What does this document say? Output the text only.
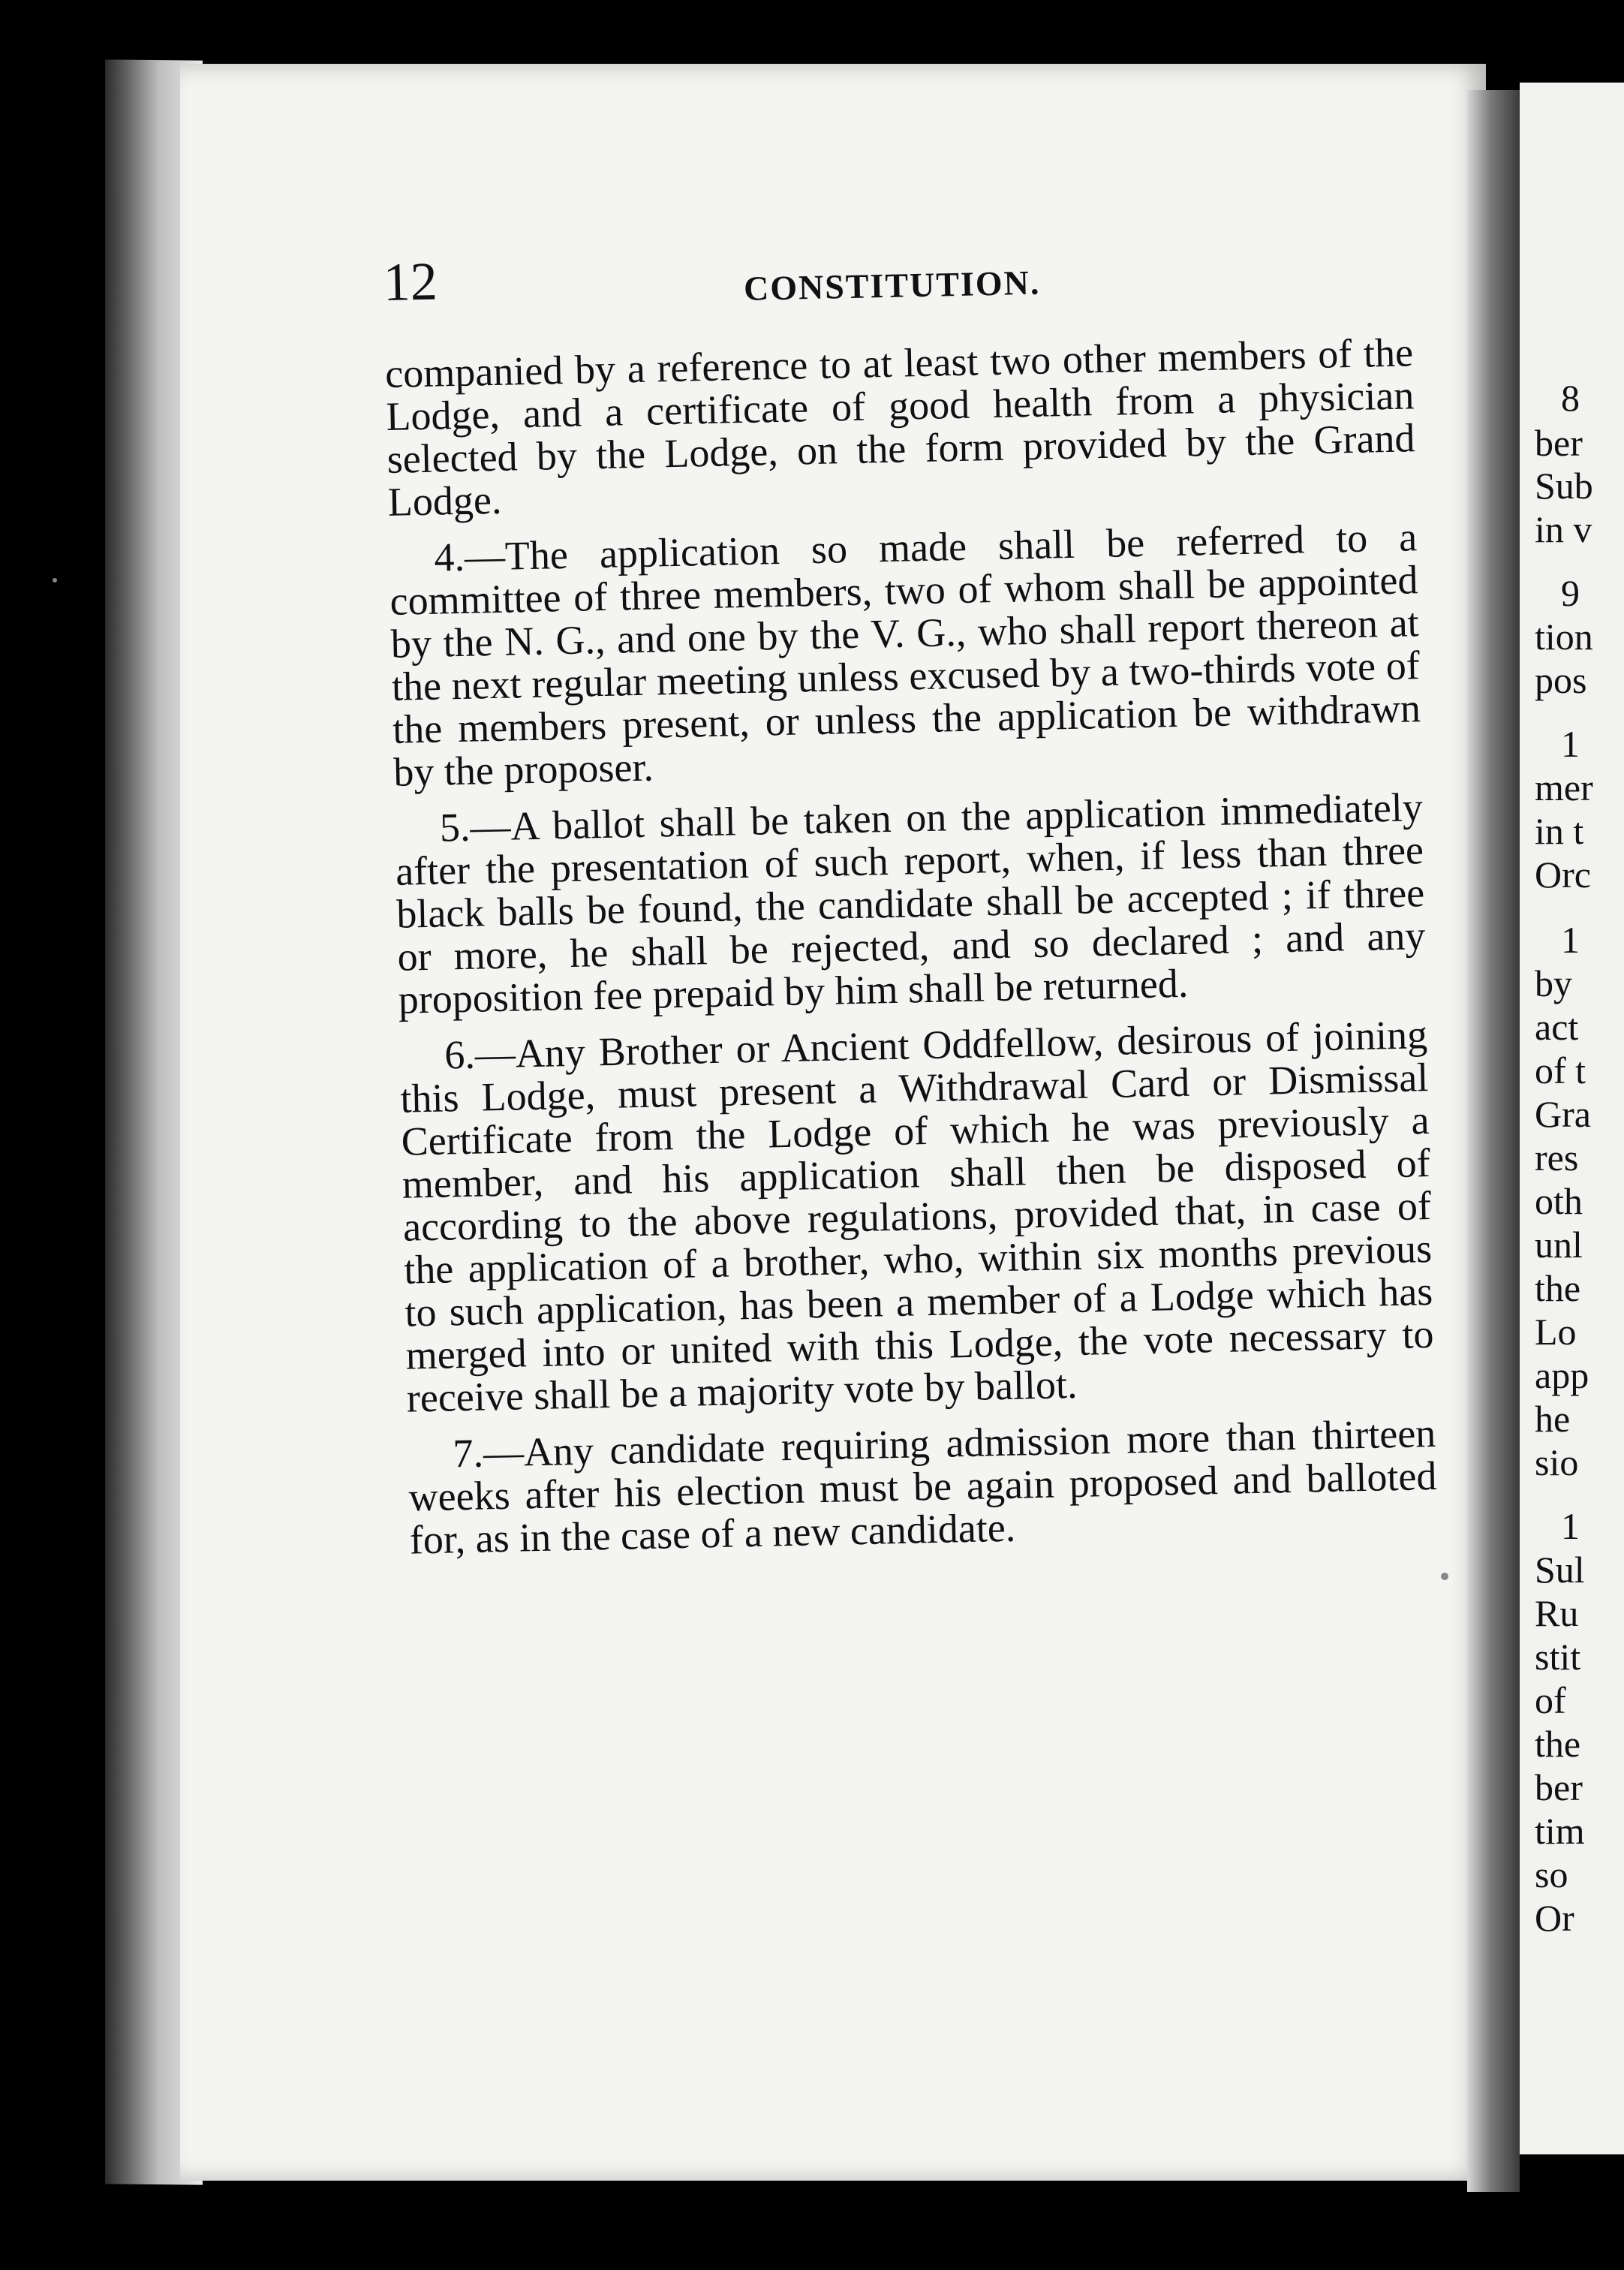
8
ber
Sub
in v
9
tion
pos
1
mer
in t
Orc
1
by
act
of t
Gra
res
oth
unl
the
Lo
app
he
sio
1
Sul
Ru
stit
of
the
ber
tim
so
Or
12	CONSTITUTION.

companied by a reference to at least two other members of the Lodge, and a certificate of good health from a physician selected by the Lodge, on the form provided by the Grand Lodge.

4.—The application so made shall be referred to a committee of three members, two of whom shall be appointed by the N. G., and one by the V. G., who shall report thereon at the next regular meeting unless excused by a two-thirds vote of the members present, or unless the application be withdrawn by the proposer.

5.—A ballot shall be taken on the application immediately after the presentation of such report, when, if less than three black balls be found, the candidate shall be accepted ; if three or more, he shall be rejected, and so declared ; and any proposition fee prepaid by him shall be returned.

6.—Any Brother or Ancient Oddfellow, desirous of joining this Lodge, must present a Withdrawal Card or Dismissal Certificate from the Lodge of which he was previously a member, and his application shall then be disposed of according to the above regulations, provided that, in case of the application of a brother, who, within six months previous to such application, has been a member of a Lodge which has merged into or united with this Lodge, the vote necessary to receive shall be a majority vote by ballot.

7.—Any candidate requiring admission more than thirteen weeks after his election must be again proposed and balloted for, as in the case of a new candidate.
